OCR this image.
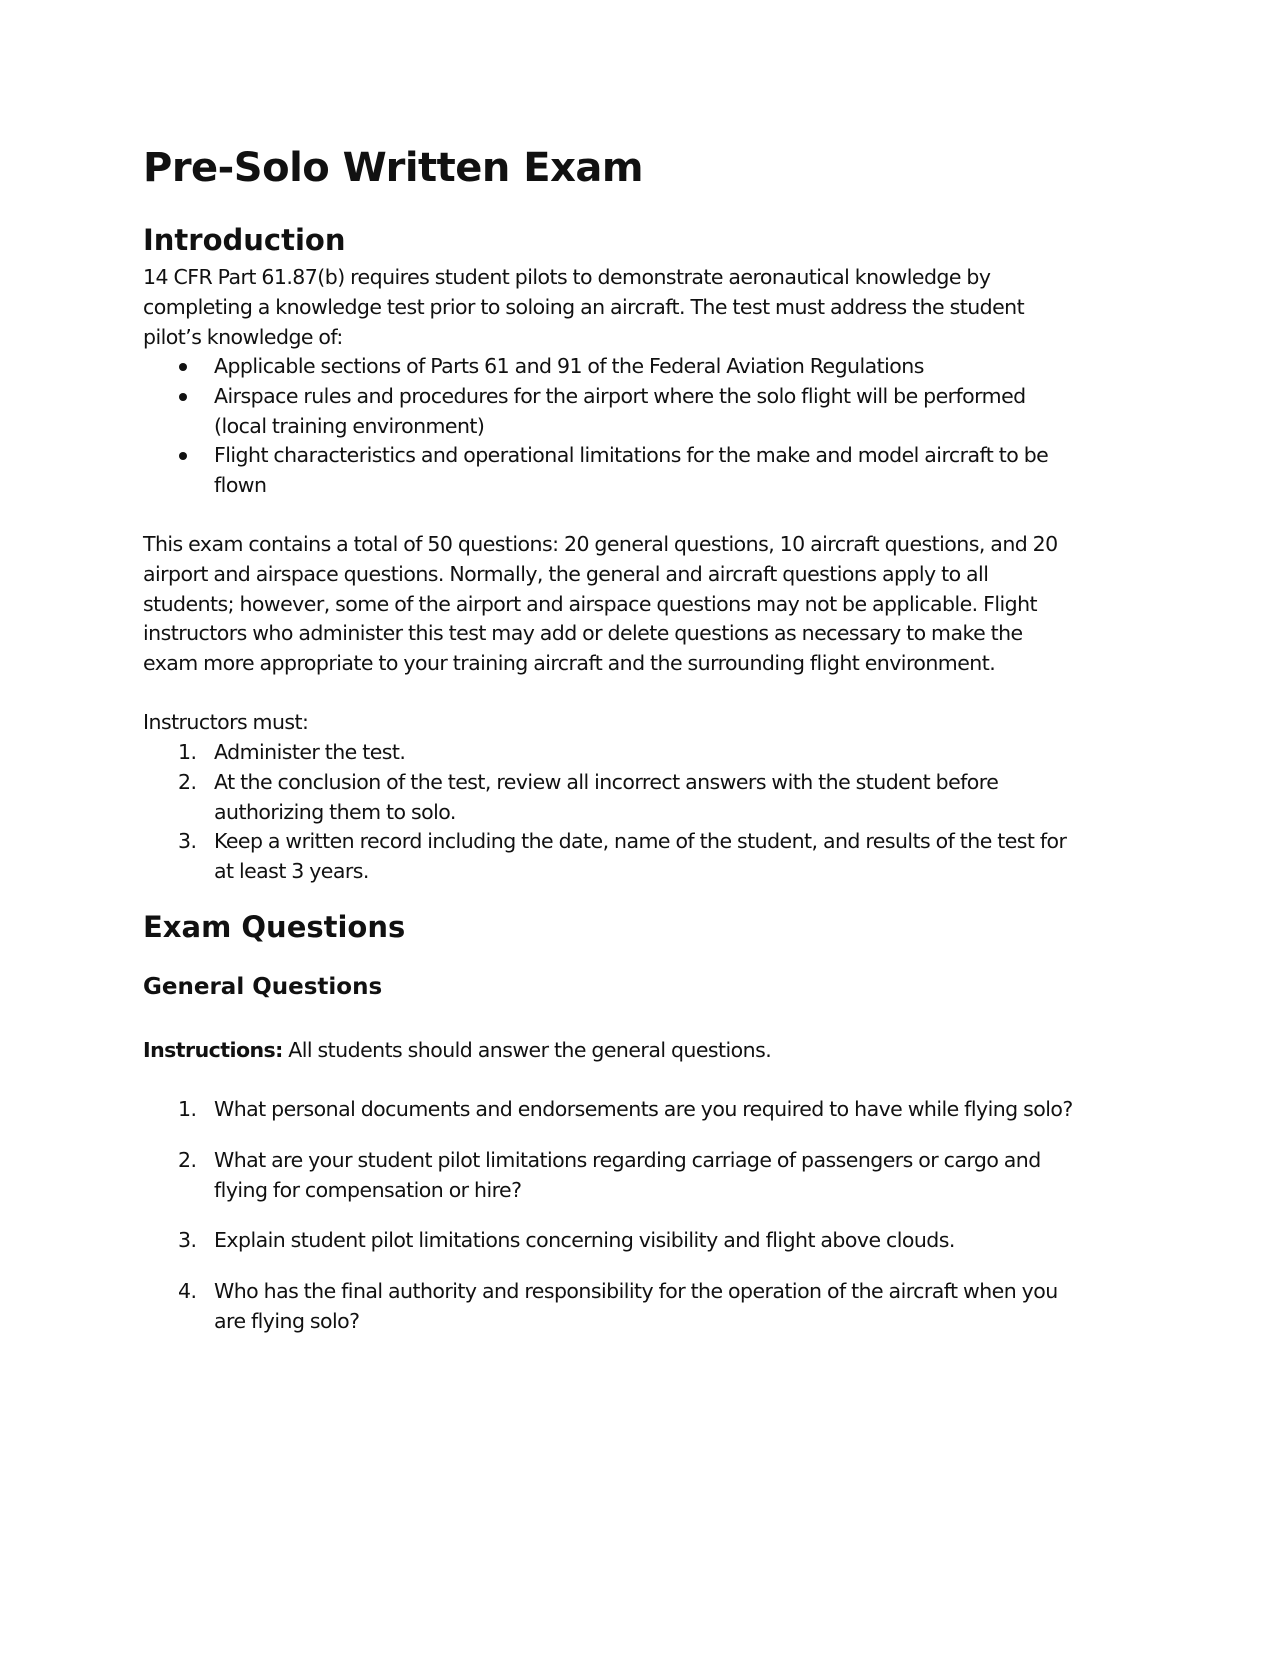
Pre-Solo Written Exam
Introduction

14 CFR Part 61.87(b) requires student pilots to demonstrate aeronautical knowledge by completing a knowledge test prior to soloing an aircraft. The test must address the student pilot’s knowledge of:

Applicable sections of Parts 61 and 91 of the Federal Aviation Regulations
Airspace rules and procedures for the airport where the solo flight will be performed (local training environment)
Flight characteristics and operational limitations for the make and model aircraft to be flown

This exam contains a total of 50 questions: 20 general questions, 10 aircraft questions, and 20 airport and airspace questions. Normally, the general and aircraft questions apply to all students; however, some of the airport and airspace questions may not be applicable. Flight instructors who administer this test may add or delete questions as necessary to make the exam more appropriate to your training aircraft and the surrounding flight environment.

Instructors must:

1. Administer the test.
2. At the conclusion of the test, review all incorrect answers with the student before authorizing them to solo.
3. Keep a written record including the date, name of the student, and results of the test for at least 3 years.
Exam Questions
General Questions

Instructions: All students should answer the general questions.

1. What personal documents and endorsements are you required to have while flying solo?
2. What are your student pilot limitations regarding carriage of passengers or cargo and flying for compensation or hire?
3. Explain student pilot limitations concerning visibility and flight above clouds.
4. Who has the final authority and responsibility for the operation of the aircraft when you are flying solo?
